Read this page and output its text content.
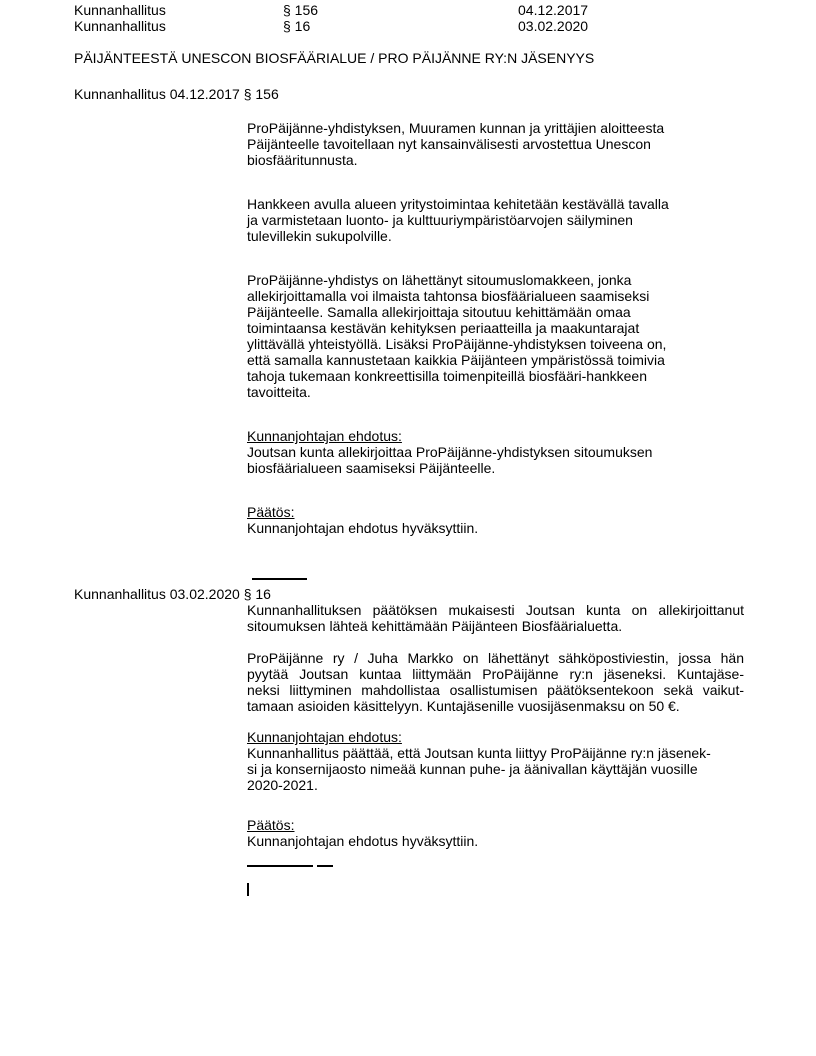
Kunnanhallitus	§ 156	04.12.2017
Kunnanhallitus	§ 16	03.02.2020
PÄIJÄNTEESTÄ UNESCON BIOSFÄÄRIALUE / PRO PÄIJÄNNE RY:N JÄSENYYS
Kunnanhallitus 04.12.2017 § 156
ProPäijänne-yhdistyksen, Muuramen kunnan ja yrittäjien aloitteesta
Päijänteelle tavoitellaan nyt kansainvälisesti arvostettua Unescon
biosfääritunnusta.
Hankkeen avulla alueen yritystoimintaa kehitetään kestävällä tavalla
ja varmistetaan luonto- ja kulttuuriympäristöarvojen säilyminen
tulevillekin sukupolville.
ProPäijänne-yhdistys on lähettänyt sitoumuslomakkeen, jonka
allekirjoittamalla voi ilmaista tahtonsa biosfäärialueen saamiseksi
Päijänteelle. Samalla allekirjoittaja sitoutuu kehittämään omaa
toimintaansa kestävän kehityksen periaatteilla ja maakuntarajat
ylittävällä yhteistyöllä. Lisäksi ProPäijänne-yhdistyksen toiveena on,
että samalla kannustetaan kaikkia Päijänteen ympäristössä toimivia
tahoja tukemaan konkreettisilla toimenpiteillä biosfääri-hankkeen
tavoitteita.
Kunnanjohtajan ehdotus:
Joutsan kunta allekirjoittaa ProPäijänne-yhdistyksen sitoumuksen
biosfäärialueen saamiseksi Päijänteelle.
Päätös:
Kunnanjohtajan ehdotus hyväksyttiin.
Kunnanhallitus 03.02.2020 § 16
Kunnanhallituksen päätöksen mukaisesti Joutsan kunta on allekirjoittanut
sitoumuksen lähteä kehittämään Päijänteen Biosfäärialuetta.
ProPäijänne ry / Juha Markko on lähettänyt sähköpostiviestin, jossa hän
pyytää Joutsan kuntaa liittymään ProPäijänne ry:n jäseneksi. Kuntajäse-
neksi liittyminen mahdollistaa osallistumisen päätöksentekoon sekä vaikut-
tamaan asioiden käsittelyyn. Kuntajäsenille vuosijäsenmaksu on 50 €.
Kunnanjohtajan ehdotus:
Kunnanhallitus päättää, että Joutsan kunta liittyy ProPäijänne ry:n jäsenek-
si ja konsernijaosto nimeää kunnan puhe- ja äänivallan käyttäjän vuosille
2020-2021.
Päätös:
Kunnanjohtajan ehdotus hyväksyttiin.
